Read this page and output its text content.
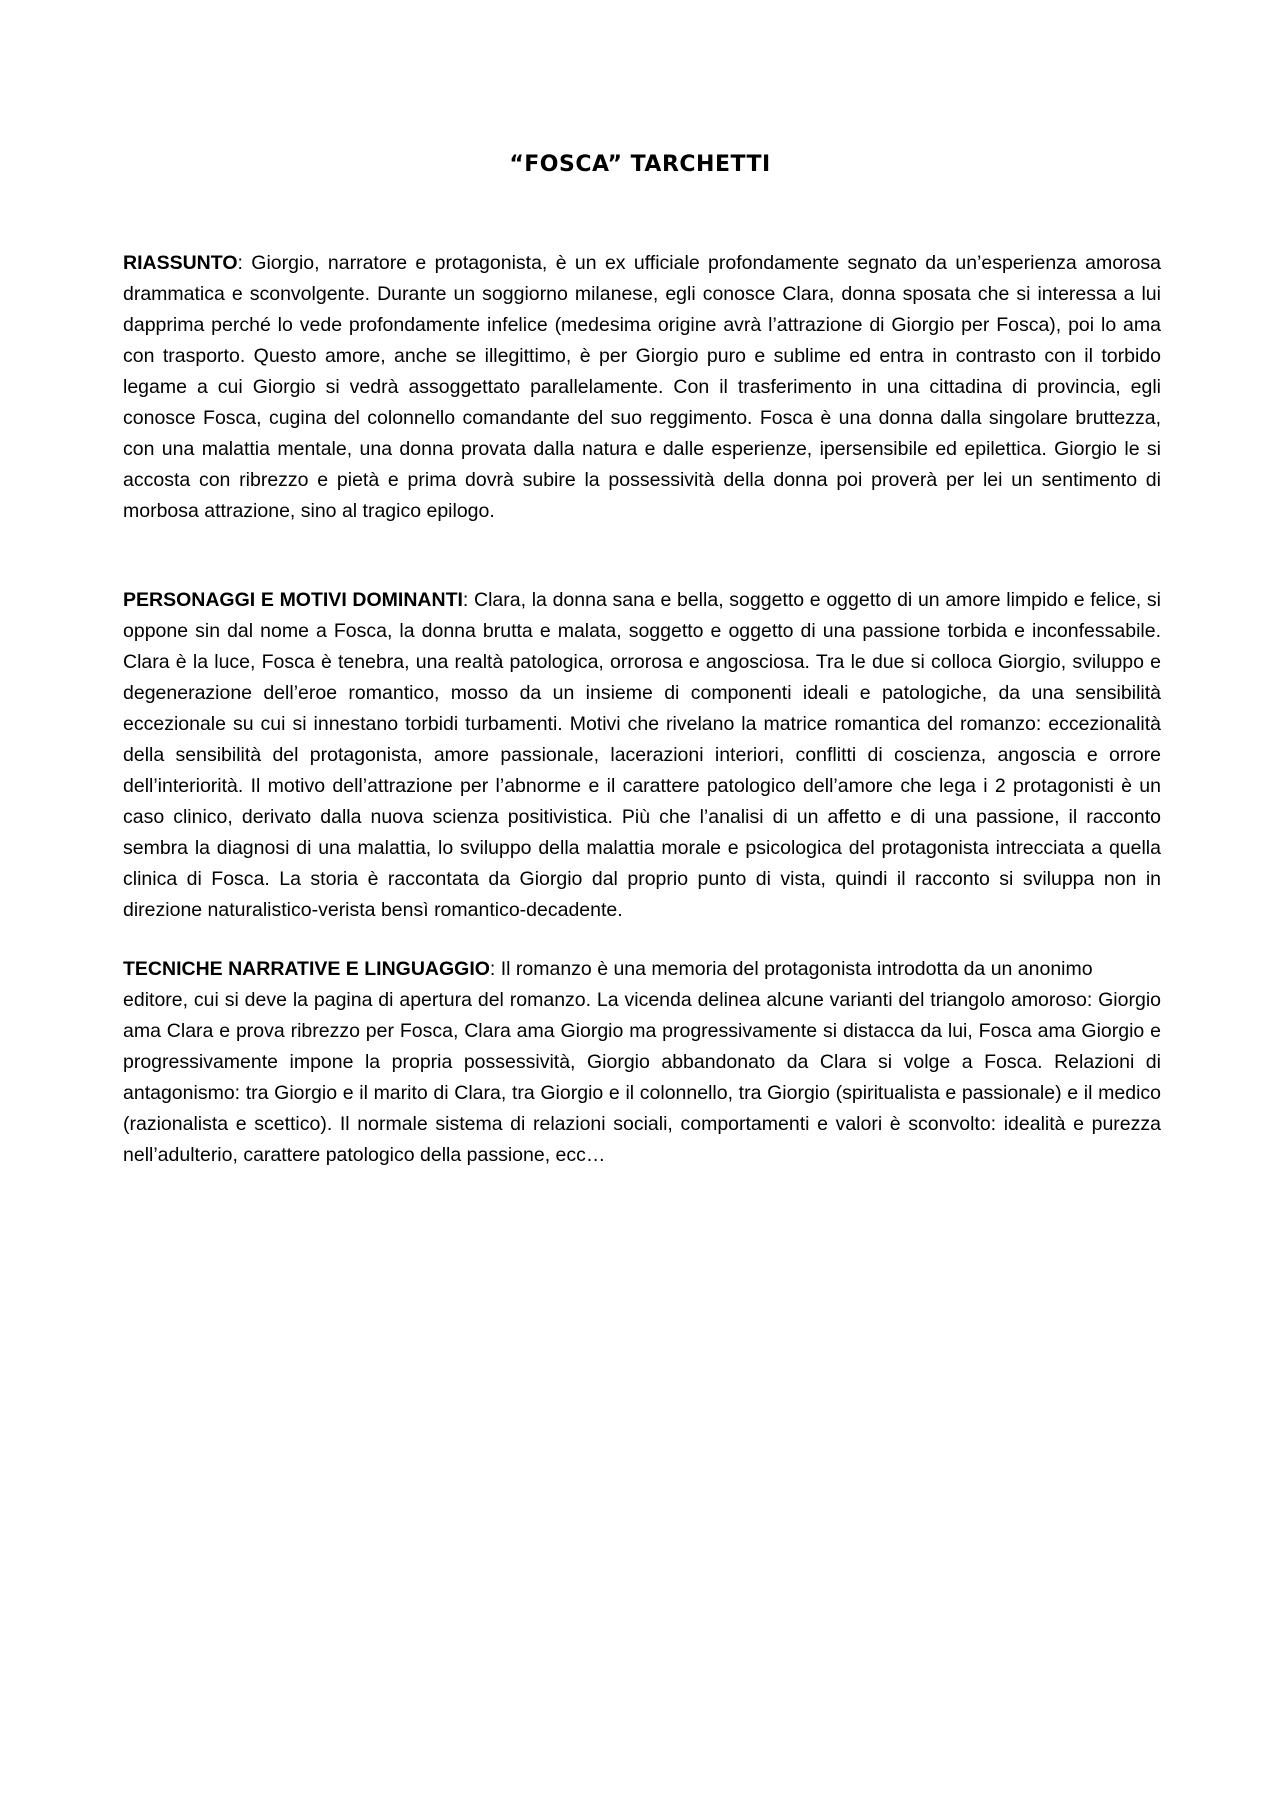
“FOSCA” TARCHETTI

RIASSUNTO: Giorgio, narratore e protagonista, è un ex ufficiale profondamente segnato da un’esperienza amorosa drammatica e sconvolgente. Durante un soggiorno milanese, egli conosce Clara, donna sposata che si interessa a lui dapprima perché lo vede profondamente infelice (medesima origine avrà l’attrazione di Giorgio per Fosca), poi lo ama con trasporto. Questo amore, anche se illegittimo, è per Giorgio puro e sublime ed entra in contrasto con il torbido legame a cui Giorgio si vedrà assoggettato parallelamente. Con il trasferimento in una cittadina di provincia, egli conosce Fosca, cugina del colonnello comandante del suo reggimento. Fosca è una donna dalla singolare bruttezza, con una malattia mentale, una donna provata dalla natura e dalle esperienze, ipersensibile ed epilettica. Giorgio le si accosta con ribrezzo e pietà e prima dovrà subire la possessività della donna poi proverà per lei un sentimento di morbosa attrazione, sino al tragico epilogo.

PERSONAGGI E MOTIVI DOMINANTI: Clara, la donna sana e bella, soggetto e oggetto di un amore limpido e felice, si oppone sin dal nome a Fosca, la donna brutta e malata, soggetto e oggetto di una passione torbida e inconfessabile. Clara è la luce, Fosca è tenebra, una realtà patologica, orrorosa e angosciosa. Tra le due si colloca Giorgio, sviluppo e degenerazione dell’eroe romantico, mosso da un insieme di componenti ideali e patologiche, da una sensibilità eccezionale su cui si innestano torbidi turbamenti. Motivi che rivelano la matrice romantica del romanzo: eccezionalità della sensibilità del protagonista, amore passionale, lacerazioni interiori, conflitti di coscienza, angoscia e orrore dell’interiorità. Il motivo dell’attrazione per l’abnorme e il carattere patologico dell’amore che lega i 2 protagonisti è un caso clinico, derivato dalla nuova scienza positivistica. Più che l’analisi di un affetto e di una passione, il racconto sembra la diagnosi di una malattia, lo sviluppo della malattia morale e psicologica del protagonista intrecciata a quella clinica di Fosca. La storia è raccontata da Giorgio dal proprio punto di vista, quindi il racconto si sviluppa non in direzione naturalistico-verista bensì romantico-decadente.

TECNICHE NARRATIVE E LINGUAGGIO: Il romanzo è una memoria del protagonista introdotta da un anonimo
editore, cui si deve la pagina di apertura del romanzo. La vicenda delinea alcune varianti del triangolo amoroso: Giorgio ama Clara e prova ribrezzo per Fosca, Clara ama Giorgio ma progressivamente si distacca da lui, Fosca ama Giorgio e progressivamente impone la propria possessività, Giorgio abbandonato da Clara si volge a Fosca. Relazioni di antagonismo: tra Giorgio e il marito di Clara, tra Giorgio e il colonnello, tra Giorgio (spiritualista e passionale) e il medico (razionalista e scettico). Il normale sistema di relazioni sociali, comportamenti e valori è sconvolto: idealità e purezza nell’adulterio, carattere patologico della passione, ecc…
